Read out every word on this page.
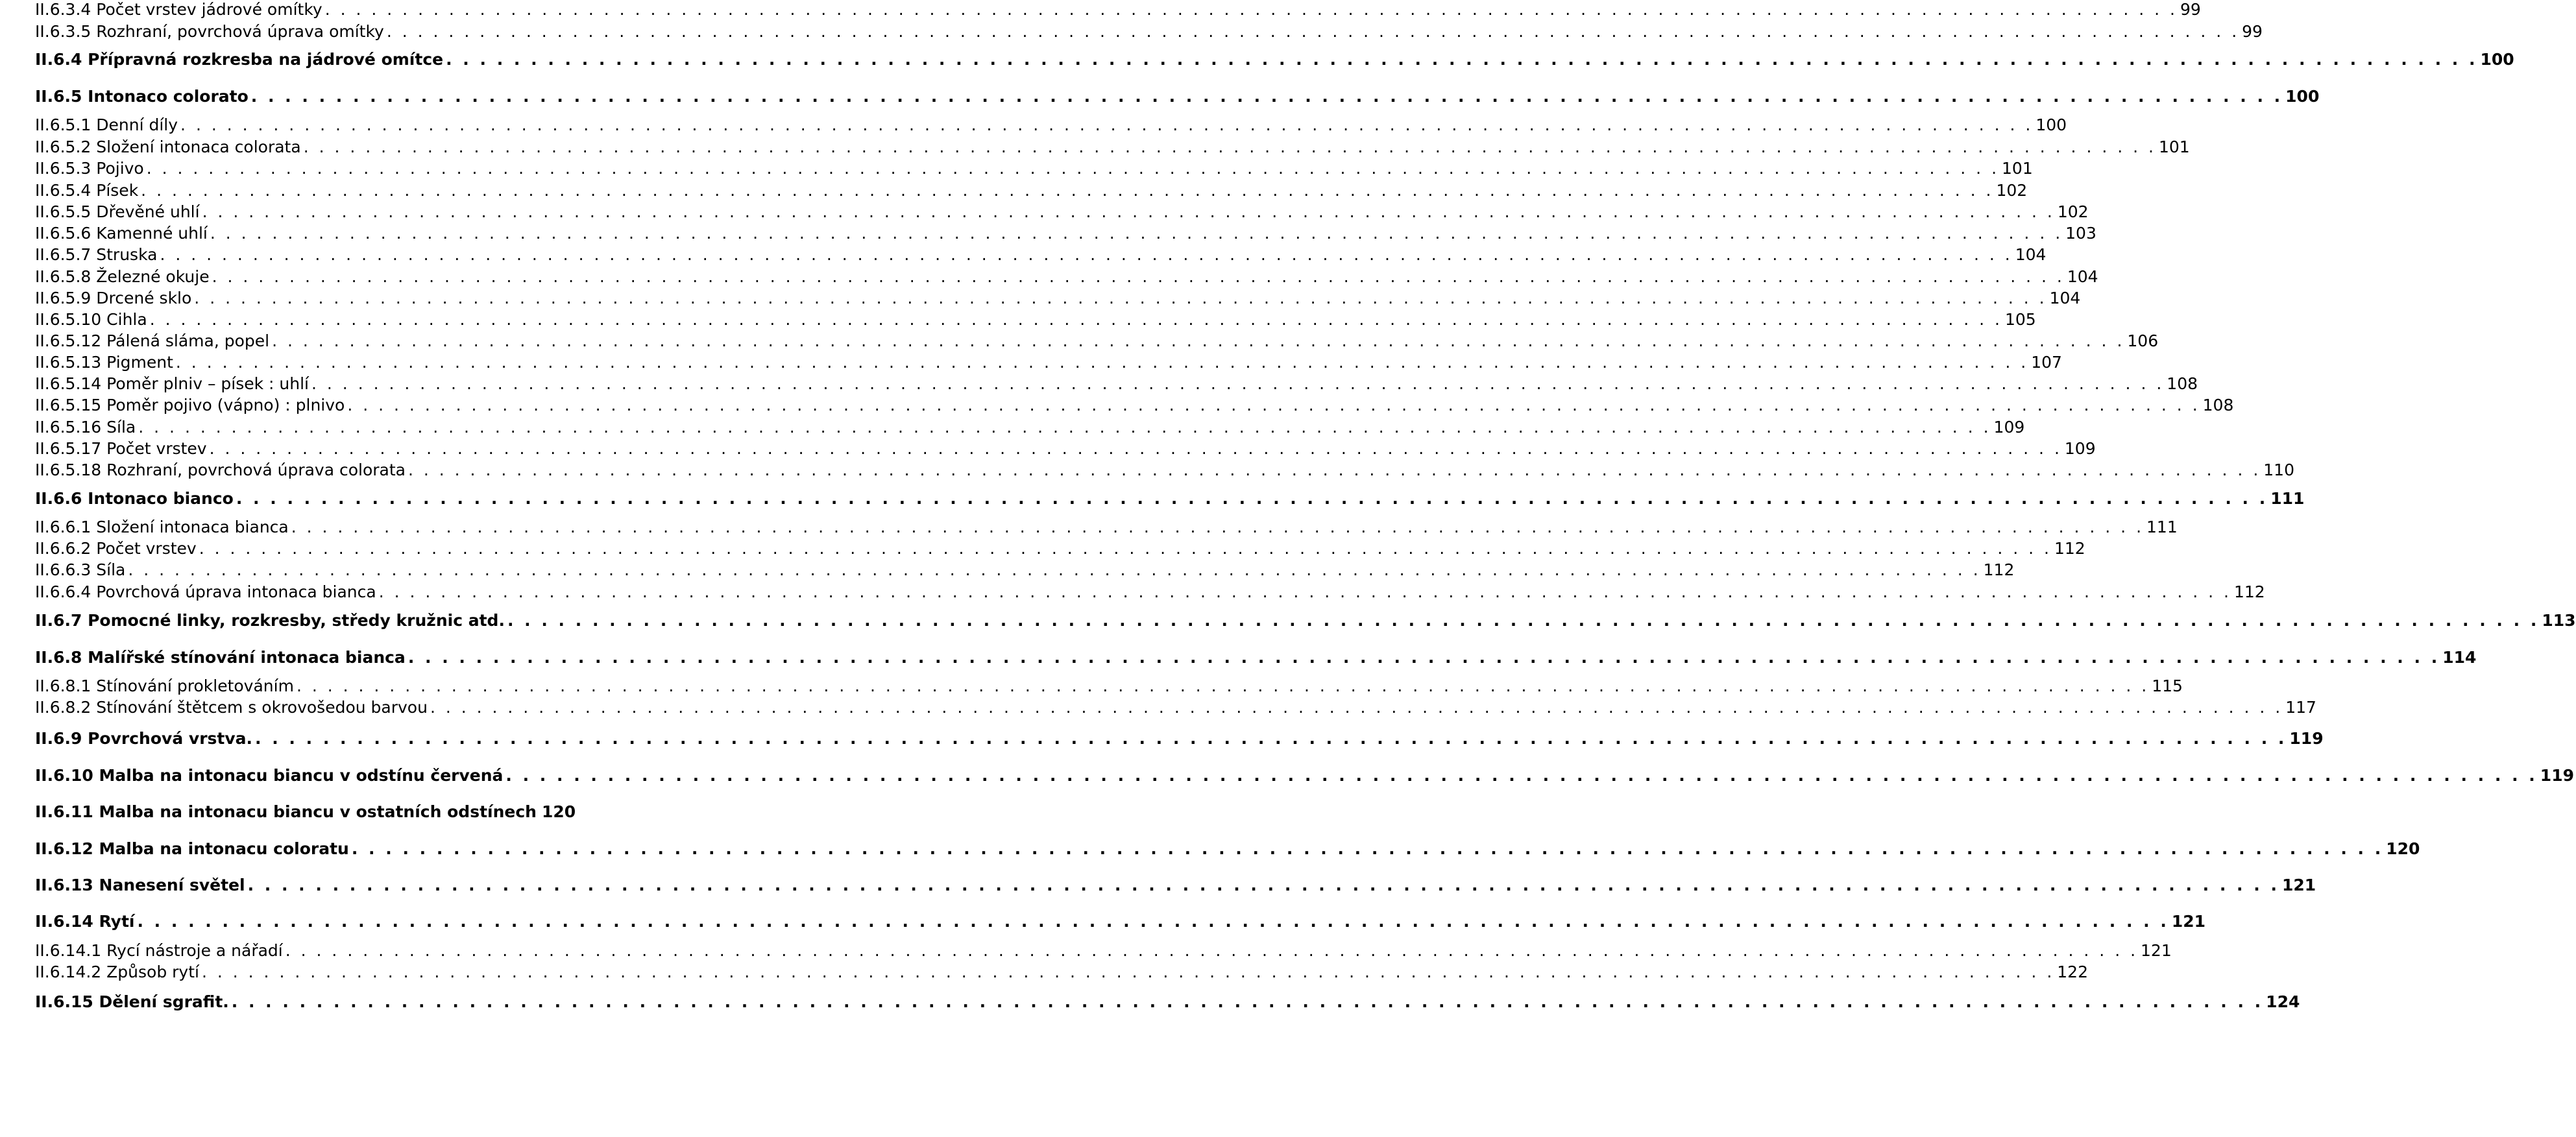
II.6.3.4 Počet vrstev jádrové omítky . . . . . . . . . . . . . . . . . . . . . . . . . . . . . . . . . . . . . . . . . . . . . . . . . . . . . . . . . . . . . . . . . . . . . . . . . . . . . . . . . . . . . . . . . . . . . . . . . . . . . . . . . . . . . . . . . . . . . . . . 99
II.6.3.5 Rozhraní, povrchová úprava omítky . . . . . . . . . . . . . . . . . . . . . . . . . . . . . . . . . . . . . . . . . . . . . . . . . . . . . . . . . . . . . . . . . . . . . . . . . . . . . . . . . . . . . . . . . . . . . . . . . . . . . . . . . . . . . . . . . . . . . . . . 99
II.6.4 Přípravná rozkresba na jádrové omítce . . . . . . . . . . . . . . . . . . . . . . . . . . . . . . . . . . . . . . . . . . . . . . . . . . . . . . . . . . . . . . . . . . . . . . . . . . . . . . . . . . . . . . . . . . . . . . . . . . . . . . . . . . . . . . . . . . . . . . . . 100
II.6.5 Intonaco colorato . . . . . . . . . . . . . . . . . . . . . . . . . . . . . . . . . . . . . . . . . . . . . . . . . . . . . . . . . . . . . . . . . . . . . . . . . . . . . . . . . . . . . . . . . . . . . . . . . . . . . . . . . . . . . . . . . . . . . . . . 100
II.6.5.1 Denní díly . . . . . . . . . . . . . . . . . . . . . . . . . . . . . . . . . . . . . . . . . . . . . . . . . . . . . . . . . . . . . . . . . . . . . . . . . . . . . . . . . . . . . . . . . . . . . . . . . . . . . . . . . . . . . . . . . . . . . . . . 100
II.6.5.2 Složení intonaca colorata . . . . . . . . . . . . . . . . . . . . . . . . . . . . . . . . . . . . . . . . . . . . . . . . . . . . . . . . . . . . . . . . . . . . . . . . . . . . . . . . . . . . . . . . . . . . . . . . . . . . . . . . . . . . . . . . . . . . . . . . 101
II.6.5.3 Pojivo . . . . . . . . . . . . . . . . . . . . . . . . . . . . . . . . . . . . . . . . . . . . . . . . . . . . . . . . . . . . . . . . . . . . . . . . . . . . . . . . . . . . . . . . . . . . . . . . . . . . . . . . . . . . . . . . . . . . . . . . 101
II.6.5.4 Písek . . . . . . . . . . . . . . . . . . . . . . . . . . . . . . . . . . . . . . . . . . . . . . . . . . . . . . . . . . . . . . . . . . . . . . . . . . . . . . . . . . . . . . . . . . . . . . . . . . . . . . . . . . . . . . . . . . . . . . . . 102
II.6.5.5 Dřevěné uhlí . . . . . . . . . . . . . . . . . . . . . . . . . . . . . . . . . . . . . . . . . . . . . . . . . . . . . . . . . . . . . . . . . . . . . . . . . . . . . . . . . . . . . . . . . . . . . . . . . . . . . . . . . . . . . . . . . . . . . . . . 102
II.6.5.6 Kamenné uhlí . . . . . . . . . . . . . . . . . . . . . . . . . . . . . . . . . . . . . . . . . . . . . . . . . . . . . . . . . . . . . . . . . . . . . . . . . . . . . . . . . . . . . . . . . . . . . . . . . . . . . . . . . . . . . . . . . . . . . . . . 103
II.6.5.7 Struska . . . . . . . . . . . . . . . . . . . . . . . . . . . . . . . . . . . . . . . . . . . . . . . . . . . . . . . . . . . . . . . . . . . . . . . . . . . . . . . . . . . . . . . . . . . . . . . . . . . . . . . . . . . . . . . . . . . . . . . . 104
II.6.5.8 Železné okuje . . . . . . . . . . . . . . . . . . . . . . . . . . . . . . . . . . . . . . . . . . . . . . . . . . . . . . . . . . . . . . . . . . . . . . . . . . . . . . . . . . . . . . . . . . . . . . . . . . . . . . . . . . . . . . . . . . . . . . . . 104
II.6.5.9 Drcené sklo . . . . . . . . . . . . . . . . . . . . . . . . . . . . . . . . . . . . . . . . . . . . . . . . . . . . . . . . . . . . . . . . . . . . . . . . . . . . . . . . . . . . . . . . . . . . . . . . . . . . . . . . . . . . . . . . . . . . . . . . 104
II.6.5.10 Cihla . . . . . . . . . . . . . . . . . . . . . . . . . . . . . . . . . . . . . . . . . . . . . . . . . . . . . . . . . . . . . . . . . . . . . . . . . . . . . . . . . . . . . . . . . . . . . . . . . . . . . . . . . . . . . . . . . . . . . . . . 105
II.6.5.12 Pálená sláma, popel . . . . . . . . . . . . . . . . . . . . . . . . . . . . . . . . . . . . . . . . . . . . . . . . . . . . . . . . . . . . . . . . . . . . . . . . . . . . . . . . . . . . . . . . . . . . . . . . . . . . . . . . . . . . . . . . . . . . . . . . 106
II.6.5.13 Pigment . . . . . . . . . . . . . . . . . . . . . . . . . . . . . . . . . . . . . . . . . . . . . . . . . . . . . . . . . . . . . . . . . . . . . . . . . . . . . . . . . . . . . . . . . . . . . . . . . . . . . . . . . . . . . . . . . . . . . . . . 107
II.6.5.14 Poměr plniv – písek : uhlí . . . . . . . . . . . . . . . . . . . . . . . . . . . . . . . . . . . . . . . . . . . . . . . . . . . . . . . . . . . . . . . . . . . . . . . . . . . . . . . . . . . . . . . . . . . . . . . . . . . . . . . . . . . . . . . . . . . . . . . . 108
II.6.5.15 Poměr pojivo (vápno) : plnivo . . . . . . . . . . . . . . . . . . . . . . . . . . . . . . . . . . . . . . . . . . . . . . . . . . . . . . . . . . . . . . . . . . . . . . . . . . . . . . . . . . . . . . . . . . . . . . . . . . . . . . . . . . . . . . . . . . . . . . . . 108
II.6.5.16 Síla . . . . . . . . . . . . . . . . . . . . . . . . . . . . . . . . . . . . . . . . . . . . . . . . . . . . . . . . . . . . . . . . . . . . . . . . . . . . . . . . . . . . . . . . . . . . . . . . . . . . . . . . . . . . . . . . . . . . . . . . 109
II.6.5.17 Počet vrstev . . . . . . . . . . . . . . . . . . . . . . . . . . . . . . . . . . . . . . . . . . . . . . . . . . . . . . . . . . . . . . . . . . . . . . . . . . . . . . . . . . . . . . . . . . . . . . . . . . . . . . . . . . . . . . . . . . . . . . . . 109
II.6.5.18 Rozhraní, povrchová úprava colorata . . . . . . . . . . . . . . . . . . . . . . . . . . . . . . . . . . . . . . . . . . . . . . . . . . . . . . . . . . . . . . . . . . . . . . . . . . . . . . . . . . . . . . . . . . . . . . . . . . . . . . . . . . . . . . . . . . . . . . . . 110
II.6.6 Intonaco bianco . . . . . . . . . . . . . . . . . . . . . . . . . . . . . . . . . . . . . . . . . . . . . . . . . . . . . . . . . . . . . . . . . . . . . . . . . . . . . . . . . . . . . . . . . . . . . . . . . . . . . . . . . . . . . . . . . . . . . . . . 111
II.6.6.1 Složení intonaca bianca . . . . . . . . . . . . . . . . . . . . . . . . . . . . . . . . . . . . . . . . . . . . . . . . . . . . . . . . . . . . . . . . . . . . . . . . . . . . . . . . . . . . . . . . . . . . . . . . . . . . . . . . . . . . . . . . . . . . . . . . 111
II.6.6.2 Počet vrstev . . . . . . . . . . . . . . . . . . . . . . . . . . . . . . . . . . . . . . . . . . . . . . . . . . . . . . . . . . . . . . . . . . . . . . . . . . . . . . . . . . . . . . . . . . . . . . . . . . . . . . . . . . . . . . . . . . . . . . . . 112
II.6.6.3 Síla . . . . . . . . . . . . . . . . . . . . . . . . . . . . . . . . . . . . . . . . . . . . . . . . . . . . . . . . . . . . . . . . . . . . . . . . . . . . . . . . . . . . . . . . . . . . . . . . . . . . . . . . . . . . . . . . . . . . . . . . 112
II.6.6.4 Povrchová úprava intonaca bianca . . . . . . . . . . . . . . . . . . . . . . . . . . . . . . . . . . . . . . . . . . . . . . . . . . . . . . . . . . . . . . . . . . . . . . . . . . . . . . . . . . . . . . . . . . . . . . . . . . . . . . . . . . . . . . . . . . . . . . . . 112
II.6.7 Pomocné linky, rozkresby, středy kružnic atd. . . . . . . . . . . . . . . . . . . . . . . . . . . . . . . . . . . . . . . . . . . . . . . . . . . . . . . . . . . . . . . . . . . . . . . . . . . . . . . . . . . . . . . . . . . . . . . . . . . . . . . . . . . . . . . . . . . . . . . . . 113
II.6.8 Malířské stínování intonaca bianca . . . . . . . . . . . . . . . . . . . . . . . . . . . . . . . . . . . . . . . . . . . . . . . . . . . . . . . . . . . . . . . . . . . . . . . . . . . . . . . . . . . . . . . . . . . . . . . . . . . . . . . . . . . . . . . . . . . . . . . . 114
II.6.8.1 Stínování prokletováním . . . . . . . . . . . . . . . . . . . . . . . . . . . . . . . . . . . . . . . . . . . . . . . . . . . . . . . . . . . . . . . . . . . . . . . . . . . . . . . . . . . . . . . . . . . . . . . . . . . . . . . . . . . . . . . . . . . . . . . . 115
II.6.8.2 Stínování štětcem s okrovošedou barvou . . . . . . . . . . . . . . . . . . . . . . . . . . . . . . . . . . . . . . . . . . . . . . . . . . . . . . . . . . . . . . . . . . . . . . . . . . . . . . . . . . . . . . . . . . . . . . . . . . . . . . . . . . . . . . . . . . . . . . . . 117
II.6.9 Povrchová vrstva. . . . . . . . . . . . . . . . . . . . . . . . . . . . . . . . . . . . . . . . . . . . . . . . . . . . . . . . . . . . . . . . . . . . . . . . . . . . . . . . . . . . . . . . . . . . . . . . . . . . . . . . . . . . . . . . . . . . . . . . . 119
II.6.10 Malba na intonacu biancu v odstínu červená . . . . . . . . . . . . . . . . . . . . . . . . . . . . . . . . . . . . . . . . . . . . . . . . . . . . . . . . . . . . . . . . . . . . . . . . . . . . . . . . . . . . . . . . . . . . . . . . . . . . . . . . . . . . . . . . . . . . . . . . 119
II.6.11 Malba na intonacu biancu v ostatních odstínech 120
II.6.12 Malba na intonacu coloratu . . . . . . . . . . . . . . . . . . . . . . . . . . . . . . . . . . . . . . . . . . . . . . . . . . . . . . . . . . . . . . . . . . . . . . . . . . . . . . . . . . . . . . . . . . . . . . . . . . . . . . . . . . . . . . . . . . . . . . . . 120
II.6.13 Nanesení světel . . . . . . . . . . . . . . . . . . . . . . . . . . . . . . . . . . . . . . . . . . . . . . . . . . . . . . . . . . . . . . . . . . . . . . . . . . . . . . . . . . . . . . . . . . . . . . . . . . . . . . . . . . . . . . . . . . . . . . . . 121
II.6.14 Rytí . . . . . . . . . . . . . . . . . . . . . . . . . . . . . . . . . . . . . . . . . . . . . . . . . . . . . . . . . . . . . . . . . . . . . . . . . . . . . . . . . . . . . . . . . . . . . . . . . . . . . . . . . . . . . . . . . . . . . . . . 121
II.6.14.1 Rycí nástroje a nářadí . . . . . . . . . . . . . . . . . . . . . . . . . . . . . . . . . . . . . . . . . . . . . . . . . . . . . . . . . . . . . . . . . . . . . . . . . . . . . . . . . . . . . . . . . . . . . . . . . . . . . . . . . . . . . . . . . . . . . . . . 121
II.6.14.2 Způsob rytí . . . . . . . . . . . . . . . . . . . . . . . . . . . . . . . . . . . . . . . . . . . . . . . . . . . . . . . . . . . . . . . . . . . . . . . . . . . . . . . . . . . . . . . . . . . . . . . . . . . . . . . . . . . . . . . . . . . . . . . . 122
II.6.15 Dělení sgrafit. . . . . . . . . . . . . . . . . . . . . . . . . . . . . . . . . . . . . . . . . . . . . . . . . . . . . . . . . . . . . . . . . . . . . . . . . . . . . . . . . . . . . . . . . . . . . . . . . . . . . . . . . . . . . . . . . . . . . . . . . 124
